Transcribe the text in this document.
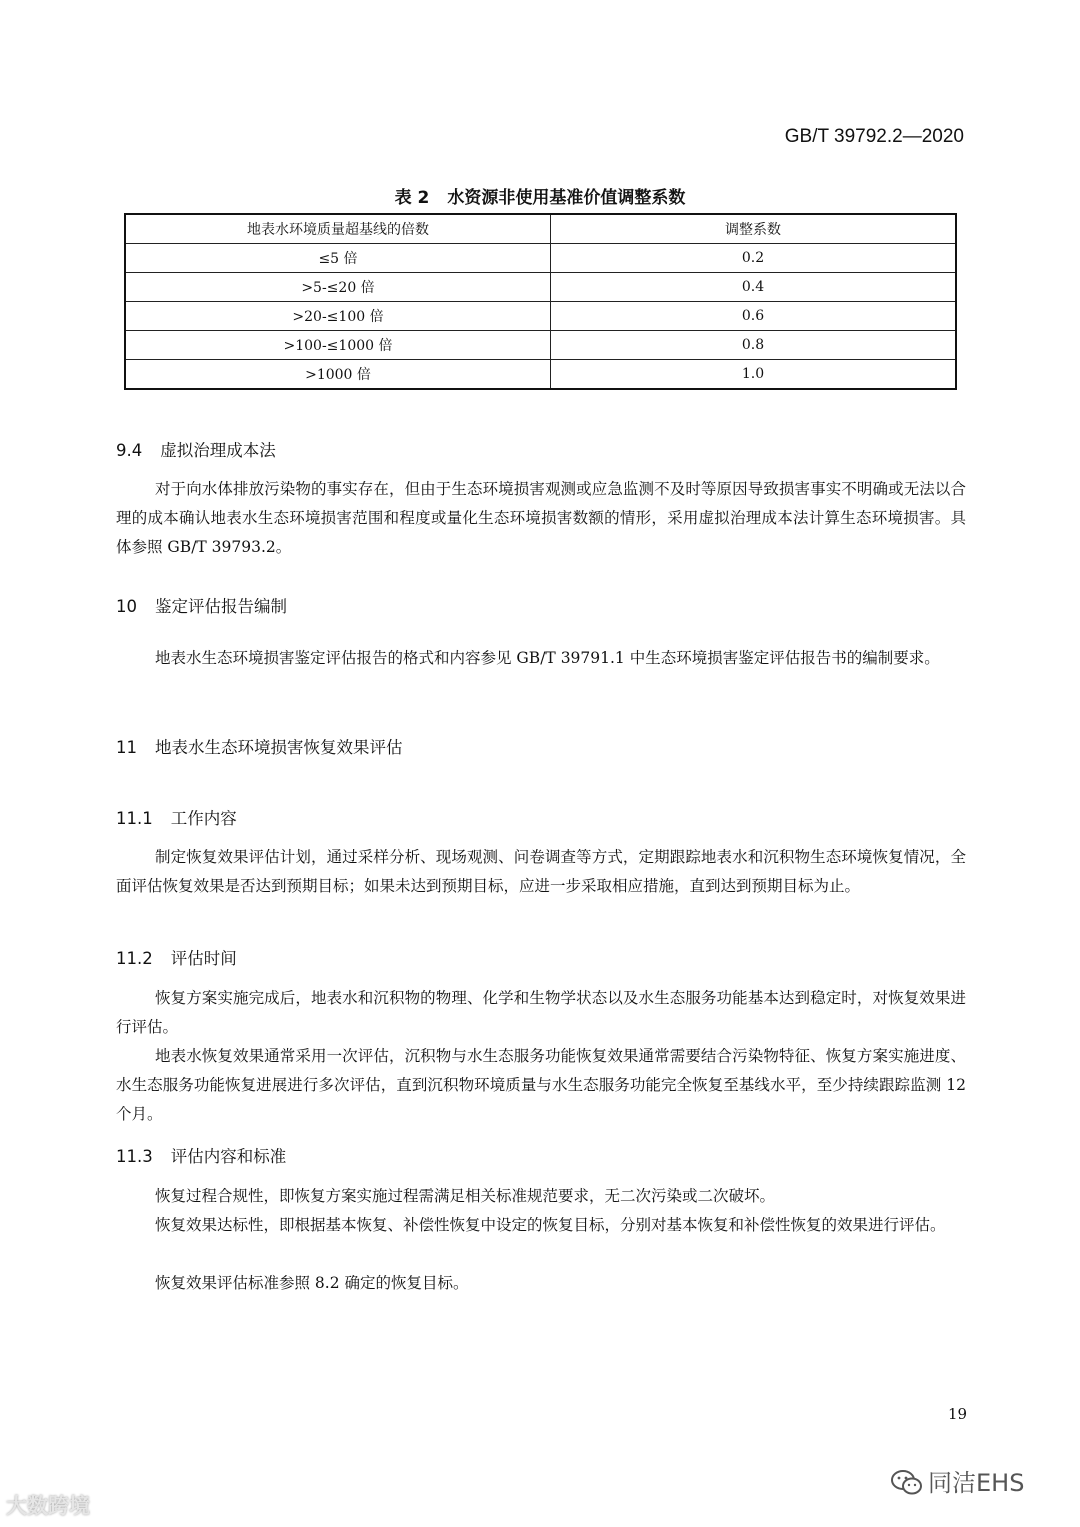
GB/T 39792.2—2020
表 2 水资源非使用基准价值调整系数
地表水环境质量超基线的倍数	调整系数
≤5 倍	0.2
>5-≤20 倍	0.4
>20-≤100 倍	0.6
>100-≤1000 倍	0.8
>1000 倍	1.0
9.4 虚拟治理成本法
对于向水体排放污染物的事实存在，但由于生态环境损害观测或应急监测不及时等原因导致损害事实不明确或无法以合理的成本确认地表水生态环境损害范围和程度或量化生态环境损害数额的情形，采用虚拟治理成本法计算生态环境损害。具体参照 GB/T 39793.2。
10 鉴定评估报告编制
地表水生态环境损害鉴定评估报告的格式和内容参见 GB/T 39791.1 中生态环境损害鉴定评估报告书的编制要求。
11 地表水生态环境损害恢复效果评估
11.1 工作内容
制定恢复效果评估计划，通过采样分析、现场观测、问卷调查等方式，定期跟踪地表水和沉积物生态环境恢复情况，全面评估恢复效果是否达到预期目标；如果未达到预期目标，应进一步采取相应措施，直到达到预期目标为止。
11.2 评估时间
恢复方案实施完成后，地表水和沉积物的物理、化学和生物学状态以及水生态服务功能基本达到稳定时，对恢复效果进行评估。
地表水恢复效果通常采用一次评估，沉积物与水生态服务功能恢复效果通常需要结合污染物特征、恢复方案实施进度、水生态服务功能恢复进展进行多次评估，直到沉积物环境质量与水生态服务功能完全恢复至基线水平，至少持续跟踪监测 12 个月。
11.3 评估内容和标准
恢复过程合规性，即恢复方案实施过程需满足相关标准规范要求，无二次污染或二次破坏。
恢复效果达标性，即根据基本恢复、补偿性恢复中设定的恢复目标，分别对基本恢复和补偿性恢复的效果进行评估。
恢复效果评估标准参照 8.2 确定的恢复目标。
19
大数跨境
同洁EHS
